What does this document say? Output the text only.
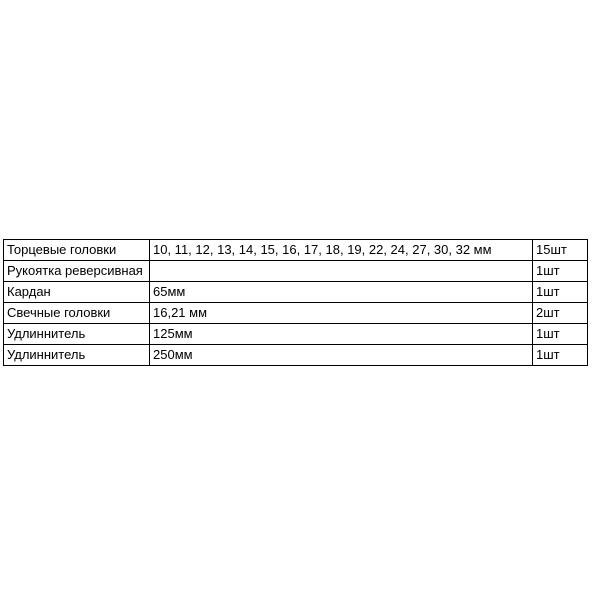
Торцевые головки	10, 11, 12, 13, 14, 15, 16, 17, 18, 19, 22, 24, 27, 30, 32 мм	15шт
Рукоятка реверсивная		1шт
Кардан	65мм	1шт
Свечные головки	16,21 мм	2шт
Удлиннитель	125мм	1шт
Удлиннитель	250мм	1шт
